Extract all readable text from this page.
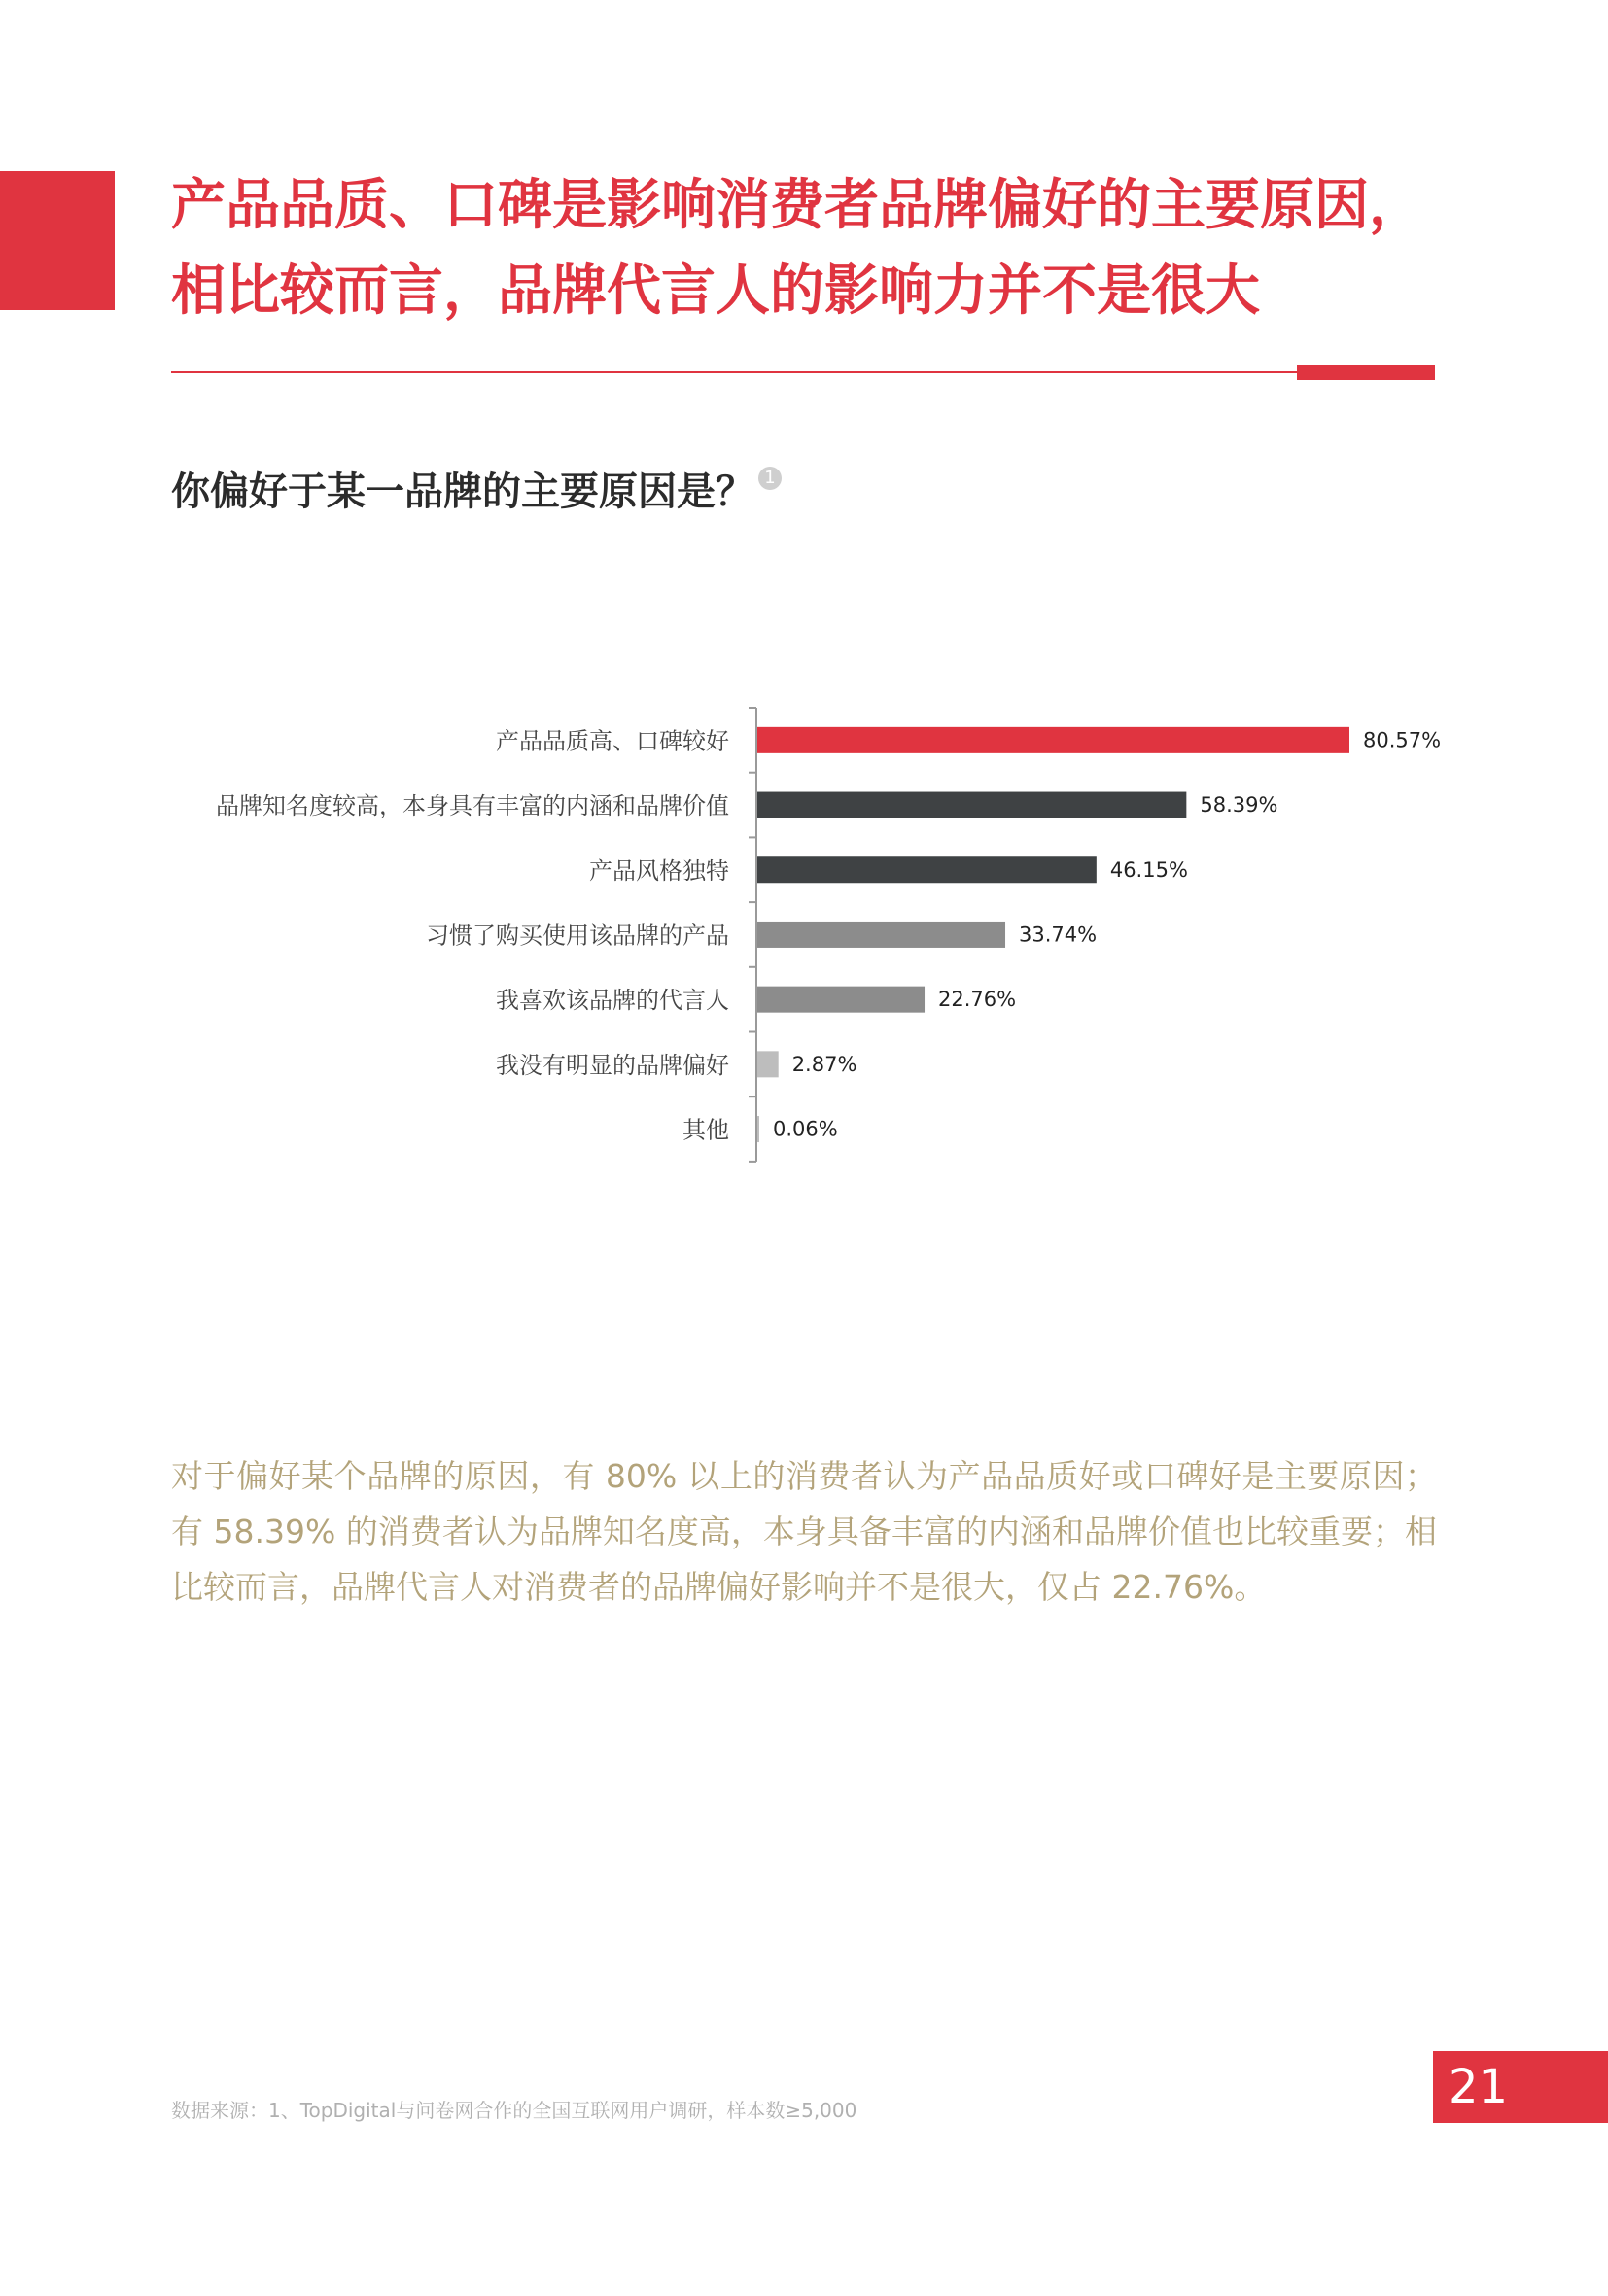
产品品质、口碑是影响消费者品牌偏好的主要原因，
相比较而言，品牌代言人的影响力并不是很大
你偏好于某一品牌的主要原因是？ 1
产品品质高、口碑较好	80.57%
品牌知名度较高，本身具有丰富的内涵和品牌价值	58.39%
产品风格独特	46.15%
习惯了购买使用该品牌的产品	33.74%
我喜欢该品牌的代言人	22.76%
我没有明显的品牌偏好	2.87%
其他 0.06%

对于偏好某个品牌的原因，有 80% 以上的消费者认为产品品质好或口碑好是主要原因；有 58.39% 的消费者认为品牌知名度高，本身具备丰富的内涵和品牌价值也比较重要；相比较而言，品牌代言人对消费者的品牌偏好影响并不是很大，仅占 22.76%。

数据来源：1、TopDigital与问卷网合作的全国互联网用户调研，样本数≥5,000	21
